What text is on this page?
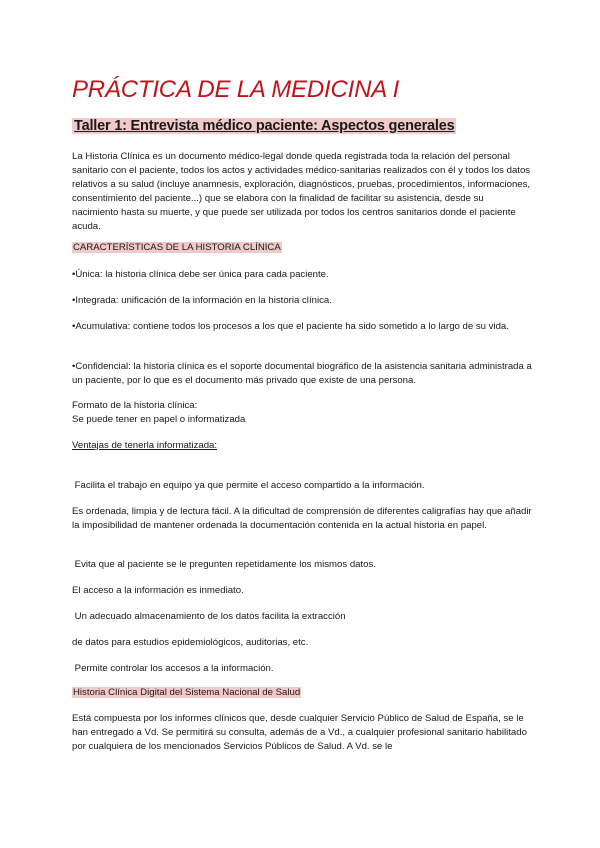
PRÁCTICA DE LA MEDICINA I
Taller 1: Entrevista médico paciente: Aspectos generales

La Historia Clínica es un documento médico-legal donde queda registrada toda la relación del personal sanitario con el paciente, todos los actos y actividades médico-sanitarias realizados con él y todos los datos relativos a su salud (incluye anamnesis, exploración, diagnósticos, pruebas, procedimientos, informaciones, consentimiento del paciente...) que se elabora con la finalidad de facilitar su asistencia, desde su nacimiento hasta su muerte, y que puede ser utilizada por todos los centros sanitarios donde el paciente acuda.

CARACTERÍSTICAS DE LA HISTORIA CLÍNICA

•Única: la historia clínica debe ser única para cada paciente.

•Integrada: unificación de la información en la historia clínica.

•Acumulativa: contiene todos los procesos a los que el paciente ha sido sometido a lo largo de su vida.

•Confidencial: la historia clínica es el soporte documental biográfico de la asistencia sanitaria administrada a un paciente, por lo que es el documento más privado que existe de una persona.

Formato de la historia clínica:

Se puede tener en papel o informatizada

Ventajas de tenerla informatizada:

Facilita el trabajo en equipo ya que permite el acceso compartido a la información.

Es ordenada, limpia y de lectura fácil. A la dificultad de comprensión de diferentes caligrafías hay que añadir la imposibilidad de mantener ordenada la documentación contenida en la actual historia en papel.

Evita que al paciente se le pregunten repetidamente los mismos datos.

El acceso a la información es inmediato.

Un adecuado almacenamiento de los datos facilita la extracción

de datos para estudios epidemiológicos, auditorias, etc.

Permite controlar los accesos a la información.

Historia Clínica Digital del Sistema Nacional de Salud

Está compuesta por los informes clínicos que, desde cualquier Servicio Público de Salud de España, se le han entregado a Vd. Se permitirá su consulta, además de a Vd., a cualquier profesional sanitario habilitado por cualquiera de los mencionados Servicios Públicos de Salud. A Vd. se le
